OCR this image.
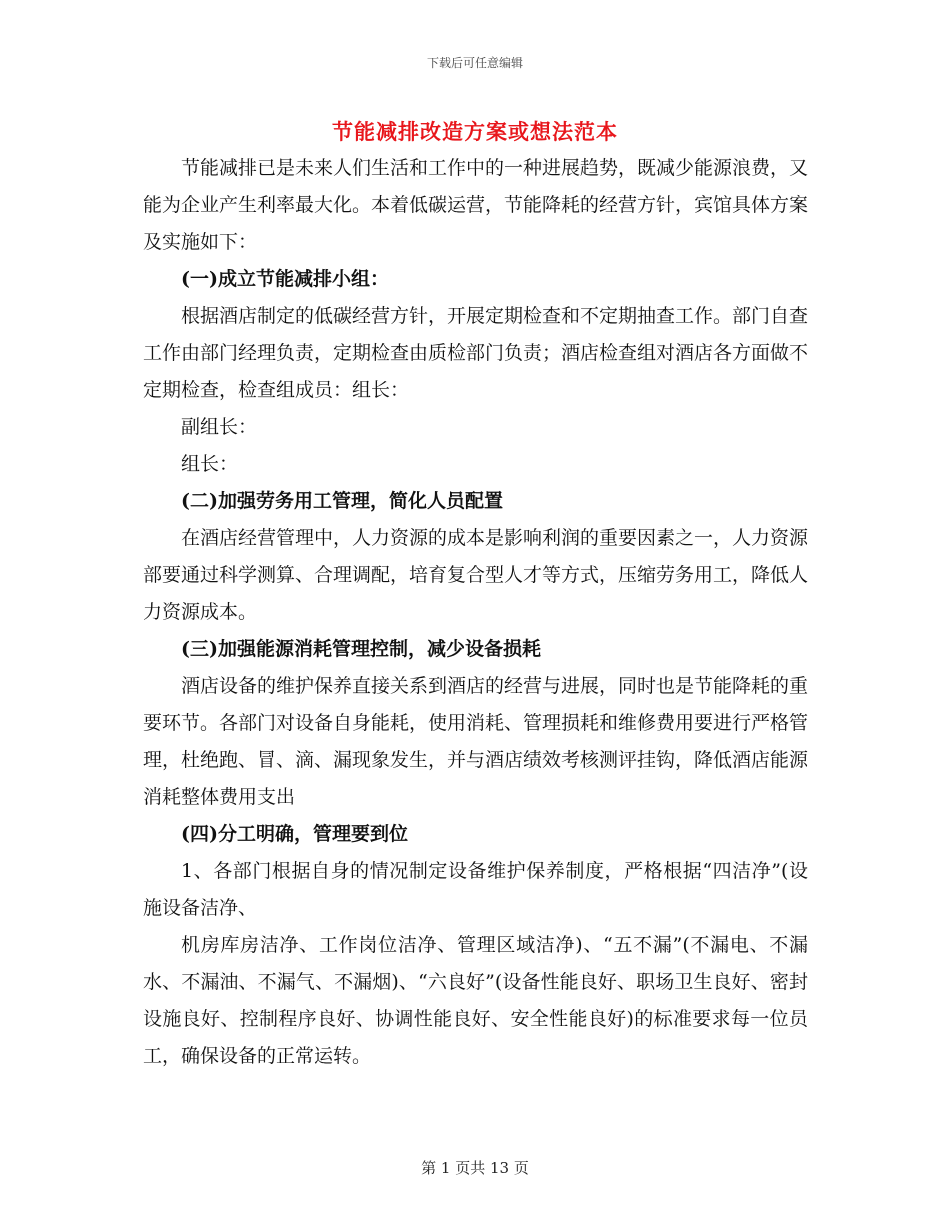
下载后可任意编辑
节能减排改造方案或想法范本

节能减排已是未来人们生活和工作中的一种进展趋势，既减少能源浪费，又能为企业产生利率最大化。本着低碳运营，节能降耗的经营方针，宾馆具体方案及实施如下：

(一)成立节能减排小组：

根据酒店制定的低碳经营方针，开展定期检查和不定期抽查工作。部门自查工作由部门经理负责，定期检查由质检部门负责；酒店检查组对酒店各方面做不定期检查，检查组成员：组长：

副组长：

组长：

(二)加强劳务用工管理，简化人员配置

在酒店经营管理中，人力资源的成本是影响利润的重要因素之一，人力资源部要通过科学测算、合理调配，培育复合型人才等方式，压缩劳务用工，降低人力资源成本。

(三)加强能源消耗管理控制，减少设备损耗

酒店设备的维护保养直接关系到酒店的经营与进展，同时也是节能降耗的重要环节。各部门对设备自身能耗，使用消耗、管理损耗和维修费用要进行严格管理，杜绝跑、冒、滴、漏现象发生，并与酒店绩效考核测评挂钩，降低酒店能源消耗整体费用支出

(四)分工明确，管理要到位

1、各部门根据自身的情况制定设备维护保养制度，严格根据“四洁净”(设施设备洁净、

机房库房洁净、工作岗位洁净、管理区域洁净)、“五不漏”(不漏电、不漏水、不漏油、不漏气、不漏烟)、“六良好”(设备性能良好、职场卫生良好、密封设施良好、控制程序良好、协调性能良好、安全性能良好)的标准要求每一位员工，确保设备的正常运转。

第 1 页共 13 页
